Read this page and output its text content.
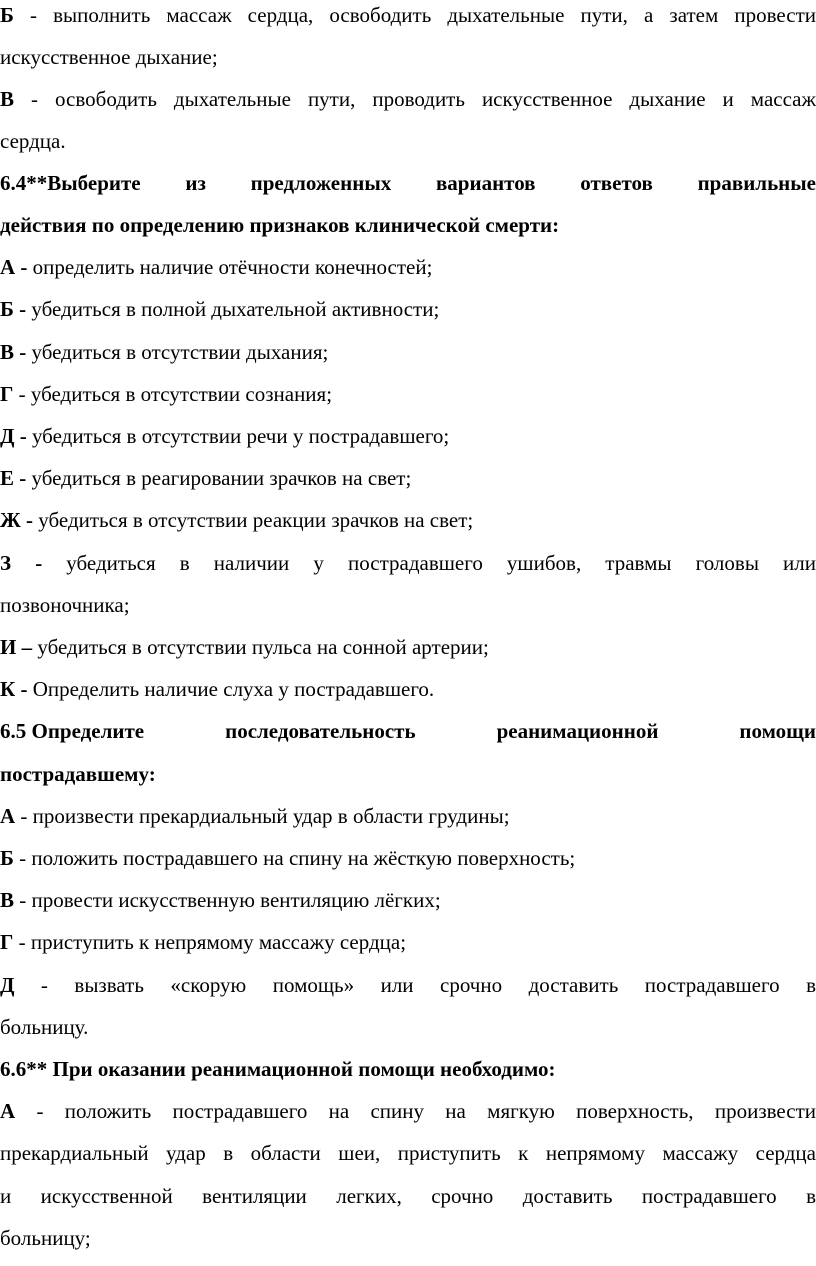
Б - выполнить массаж сердца, освободить дыхательные пути, а затем провести
искусственное дыхание;
В - освободить дыхательные пути, проводить искусственное дыхание и массаж
сердца.
6.4**Выберите из предложенных вариантов ответов правильные
действия по определению признаков клинической смерти:
А - определить наличие отёчности конечностей;
Б - убедиться в полной дыхательной активности;
В - убедиться в отсутствии дыхания;
Г - убедиться в отсутствии сознания;
Д - убедиться в отсутствии речи у пострадавшего;
Е - убедиться в реагировании зрачков на свет;
Ж - убедиться в отсутствии реакции зрачков на свет;
З - убедиться в наличии у пострадавшего ушибов, травмы головы или
позвоночника;
И – убедиться в отсутствии пульса на сонной артерии;
К - Определить наличие слуха у пострадавшего.
6.5 Определите	последовательность	реанимационной	помощи
пострадавшему:
А - произвести прекардиальный удар в области грудины;
Б - положить пострадавшего на спину на жёсткую поверхность;
В - провести искусственную вентиляцию лёгких;
Г - приступить к непрямому массажу сердца;
Д - вызвать «скорую помощь» или срочно доставить пострадавшего в
больницу.
6.6** При оказании реанимационной помощи необходимо:
А - положить пострадавшего на спину на мягкую поверхность, произвести
прекардиальный удар в области шеи, приступить к непрямому массажу сердца
и искусственной вентиляции легких, срочно доставить пострадавшего в
больницу;
